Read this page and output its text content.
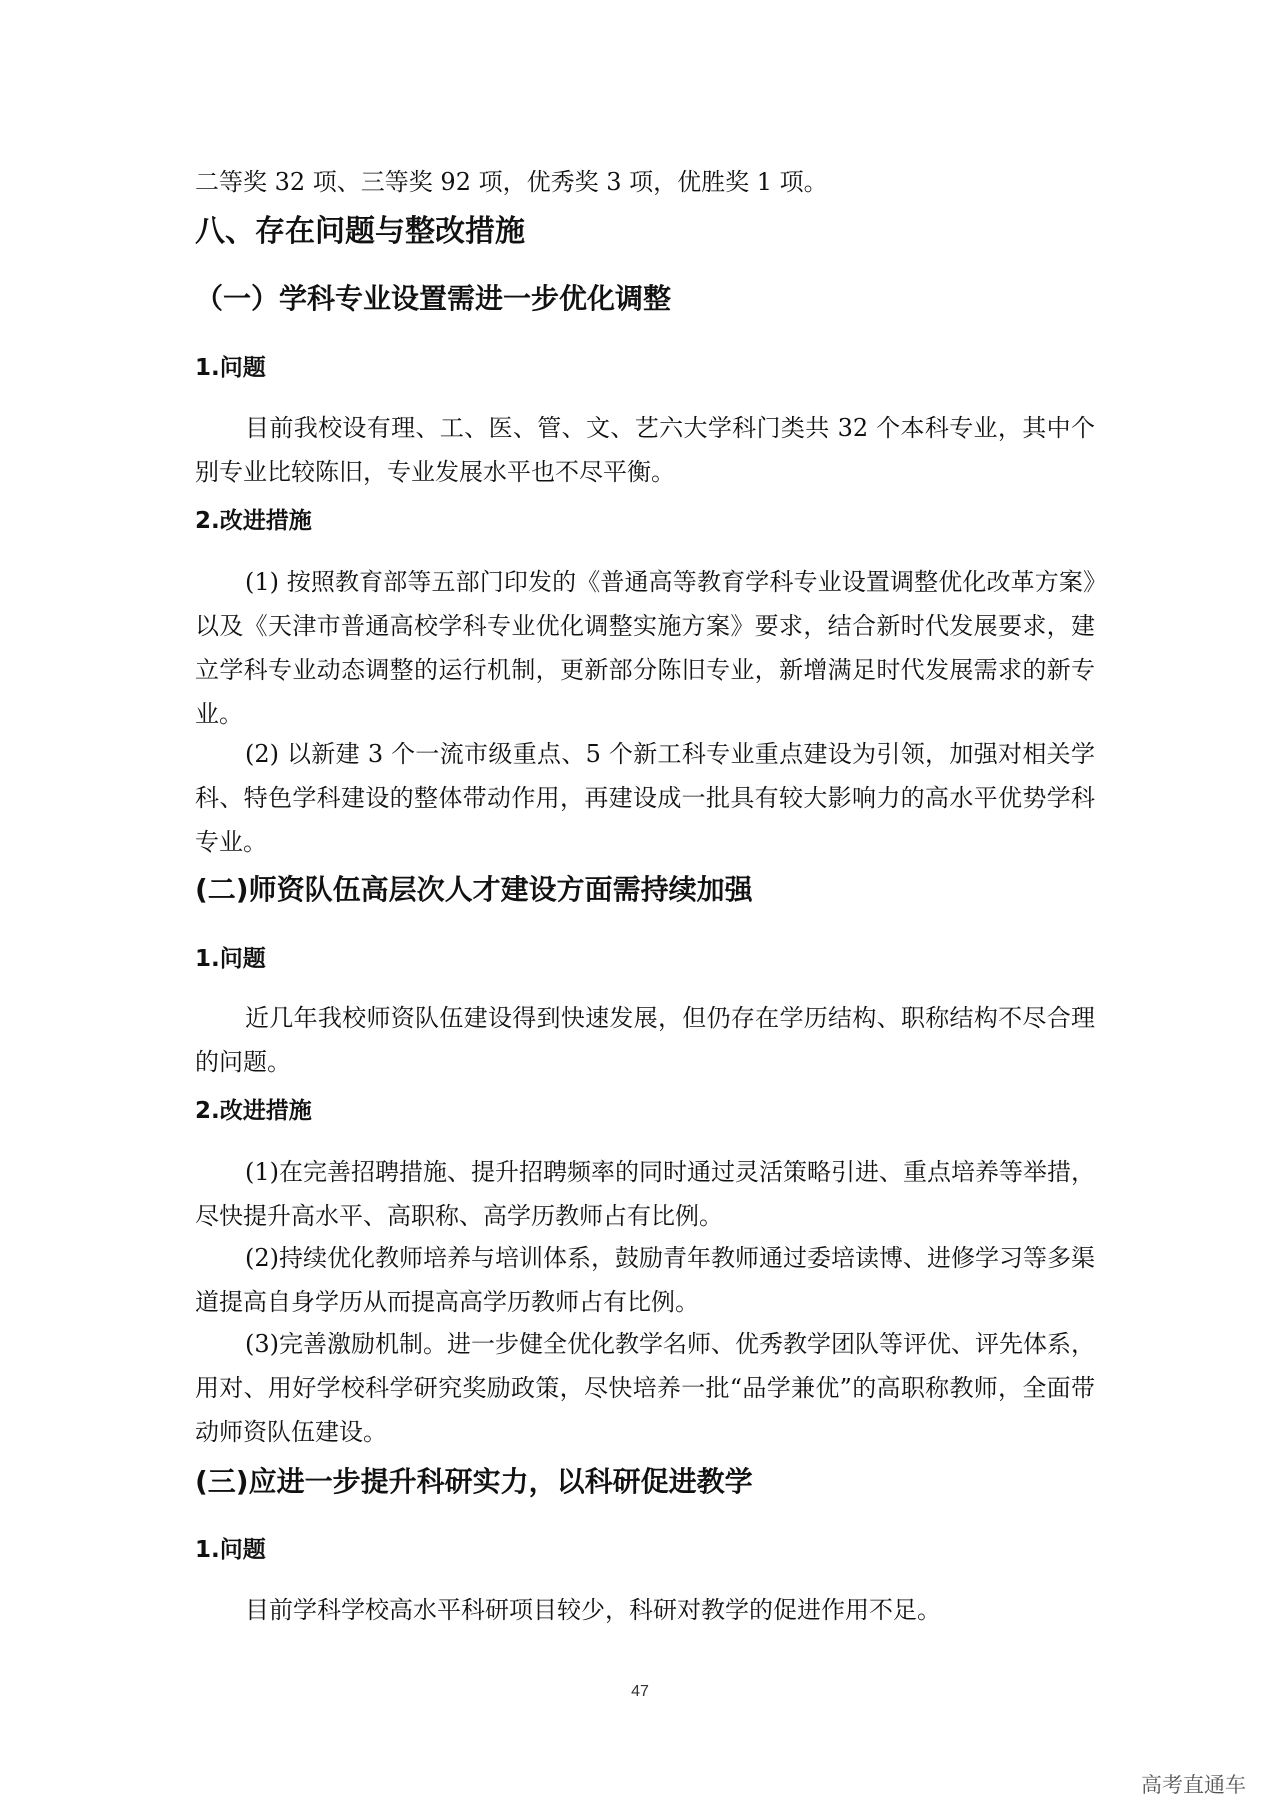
二等奖 32 项、三等奖 92 项，优秀奖 3 项，优胜奖 1 项。

八、存在问题与整改措施
（一）学科专业设置需进一步优化调整
1.问题

目前我校设有理、工、医、管、文、艺六大学科门类共 32 个本科专业，其中个别专业比较陈旧，专业发展水平也不尽平衡。

2.改进措施

(1) 按照教育部等五部门印发的《普通高等教育学科专业设置调整优化改革方案》以及《天津市普通高校学科专业优化调整实施方案》要求，结合新时代发展要求，建立学科专业动态调整的运行机制，更新部分陈旧专业，新增满足时代发展需求的新专业。

(2) 以新建 3 个一流市级重点、5 个新工科专业重点建设为引领，加强对相关学科、特色学科建设的整体带动作用，再建设成一批具有较大影响力的高水平优势学科专业。

(二)师资队伍高层次人才建设方面需持续加强
1.问题

近几年我校师资队伍建设得到快速发展，但仍存在学历结构、职称结构不尽合理的问题。

2.改进措施

(1)在完善招聘措施、提升招聘频率的同时通过灵活策略引进、重点培养等举措，尽快提升高水平、高职称、高学历教师占有比例。

(2)持续优化教师培养与培训体系，鼓励青年教师通过委培读博、进修学习等多渠道提高自身学历从而提高高学历教师占有比例。

(3)完善激励机制。进一步健全优化教学名师、优秀教学团队等评优、评先体系，用对、用好学校科学研究奖励政策，尽快培养一批“品学兼优”的高职称教师，全面带动师资队伍建设。

(三)应进一步提升科研实力，以科研促进教学
1.问题

目前学科学校高水平科研项目较少，科研对教学的促进作用不足。

47
高考直通车
